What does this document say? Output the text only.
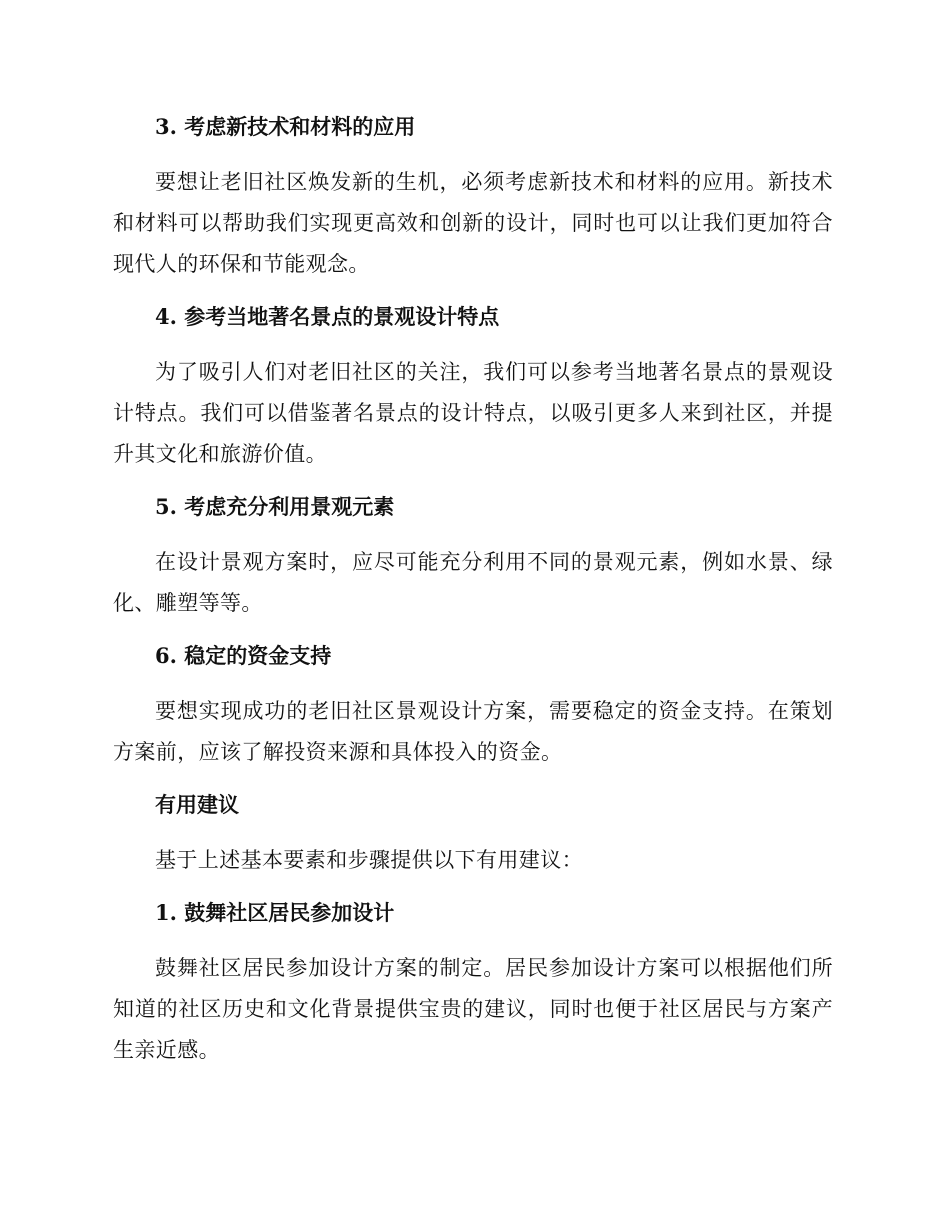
3. 考虑新技术和材料的应用
要想让老旧社区焕发新的生机，必须考虑新技术和材料的应用。新技术和材料可以帮助我们实现更高效和创新的设计，同时也可以让我们更加符合现代人的环保和节能观念。
4. 参考当地著名景点的景观设计特点
为了吸引人们对老旧社区的关注，我们可以参考当地著名景点的景观设计特点。我们可以借鉴著名景点的设计特点，以吸引更多人来到社区，并提升其文化和旅游价值。
5. 考虑充分利用景观元素
在设计景观方案时，应尽可能充分利用不同的景观元素，例如水景、绿化、雕塑等等。
6. 稳定的资金支持
要想实现成功的老旧社区景观设计方案，需要稳定的资金支持。在策划方案前，应该了解投资来源和具体投入的资金。
有用建议
基于上述基本要素和步骤提供以下有用建议：
1. 鼓舞社区居民参加设计
鼓舞社区居民参加设计方案的制定。居民参加设计方案可以根据他们所知道的社区历史和文化背景提供宝贵的建议，同时也便于社区居民与方案产生亲近感。
